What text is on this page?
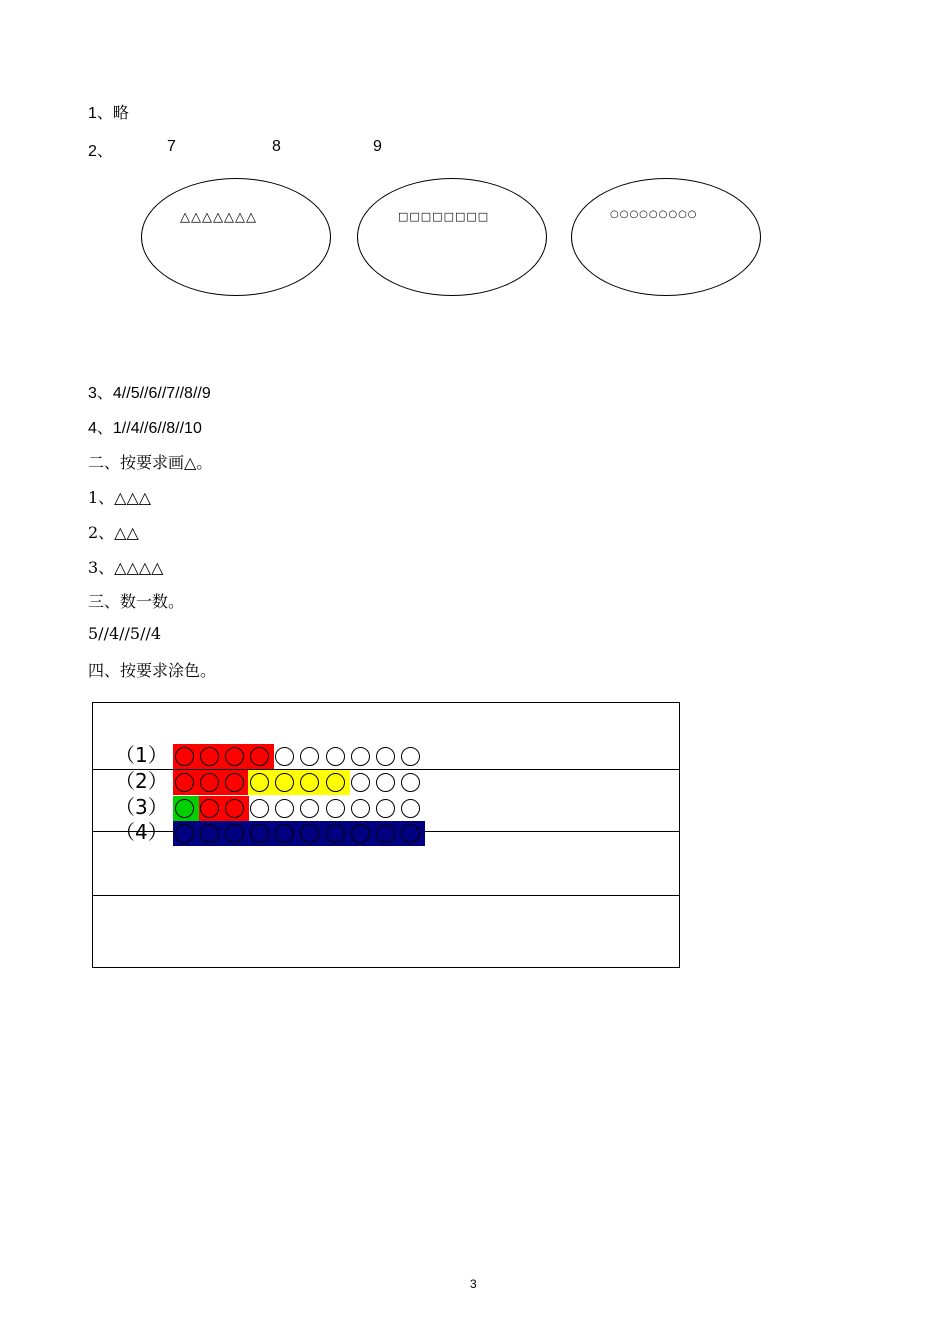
1、略
2、	7	8	9
△△△△△△△	□□□□□□□□	○○○○○○○○○
3、4//5//6//7//8//9
4、1//4//6//8//10
二、按要求画△。
1、△△△
2、△△
3、△△△△
三、数一数。
5//4//5//4
四、按要求涂色。
（1）
（2）
（3）
（4）
3
